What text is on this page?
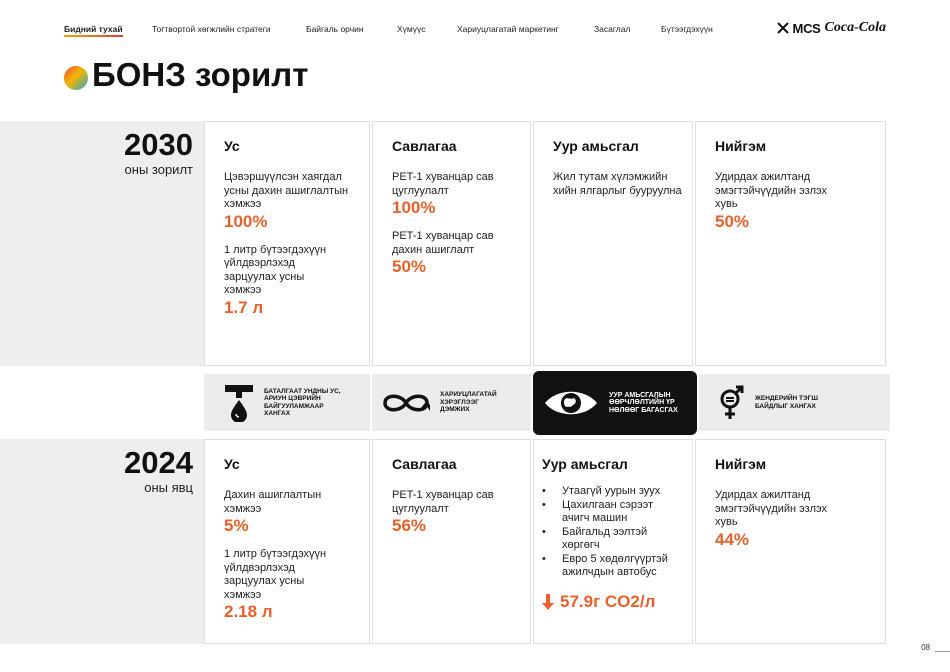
Бидний тухай	Тогтвортой хөгжлийн стратеги	Байгаль орчин	Хүмүүс	Хариуцлагатай маркетинг	Засаглал	Бүтээгдэхүүн	MCS Coca-Cola
БОНЗ зорилт
2030
оны зорилт
Ус
Цэвэршүүлсэн хаягдал усны дахин ашиглалтын хэмжээ
100%
1 литр бүтээгдэхүүн үйлдвэрлэхэд зарцуулах усны хэмжээ
1.7 л
Савлагаа
PET-1 хуванцар сав цуглуулалт
100%
PET-1 хуванцар сав дахин ашиглалт
50%
Уур амьсгал
Жил тутам хүлэмжийн хийн ялгарлыг бууруулна
Нийгэм
Удирдах ажилтанд эмэгтэйчүүдийн эзлэх хувь
50%
БАТАЛГААТ УНДНЫ УС, АРИУН ЦЭВРИЙН БАЙГУУЛАМЖААР ХАНГАХ
ХАРИУЦЛАГАТАЙ ХЭРЭГЛЭЭГ ДЭМЖИХ
УУР АМЬСГАЛЫН ӨӨРЧЛӨЛТИЙН ҮР НӨЛӨӨГ БАГАСГАХ
ЖЕНДЕРИЙН ТЭГШ БАЙДЛЫГ ХАНГАХ
2024
оны явц
Ус
Дахин ашиглалтын хэмжээ
5%
1 литр бүтээгдэхүүн үйлдвэрлэхэд зарцуулах усны хэмжээ
2.18 л
Савлагаа
PET-1 хуванцар сав цуглуулалт
56%
Уур амьсгал
• Утаагүй уурын зуух
• Цахилгаан сэрээт ачигч машин
• Байгальд ээлтэй хөргөгч
• Евро 5 хөдөлгүүртэй ажилчдын автобус
57.9г CO2/л
Нийгэм
Удирдах ажилтанд эмэгтэйчүүдийн эзлэх хувь
44%
08
